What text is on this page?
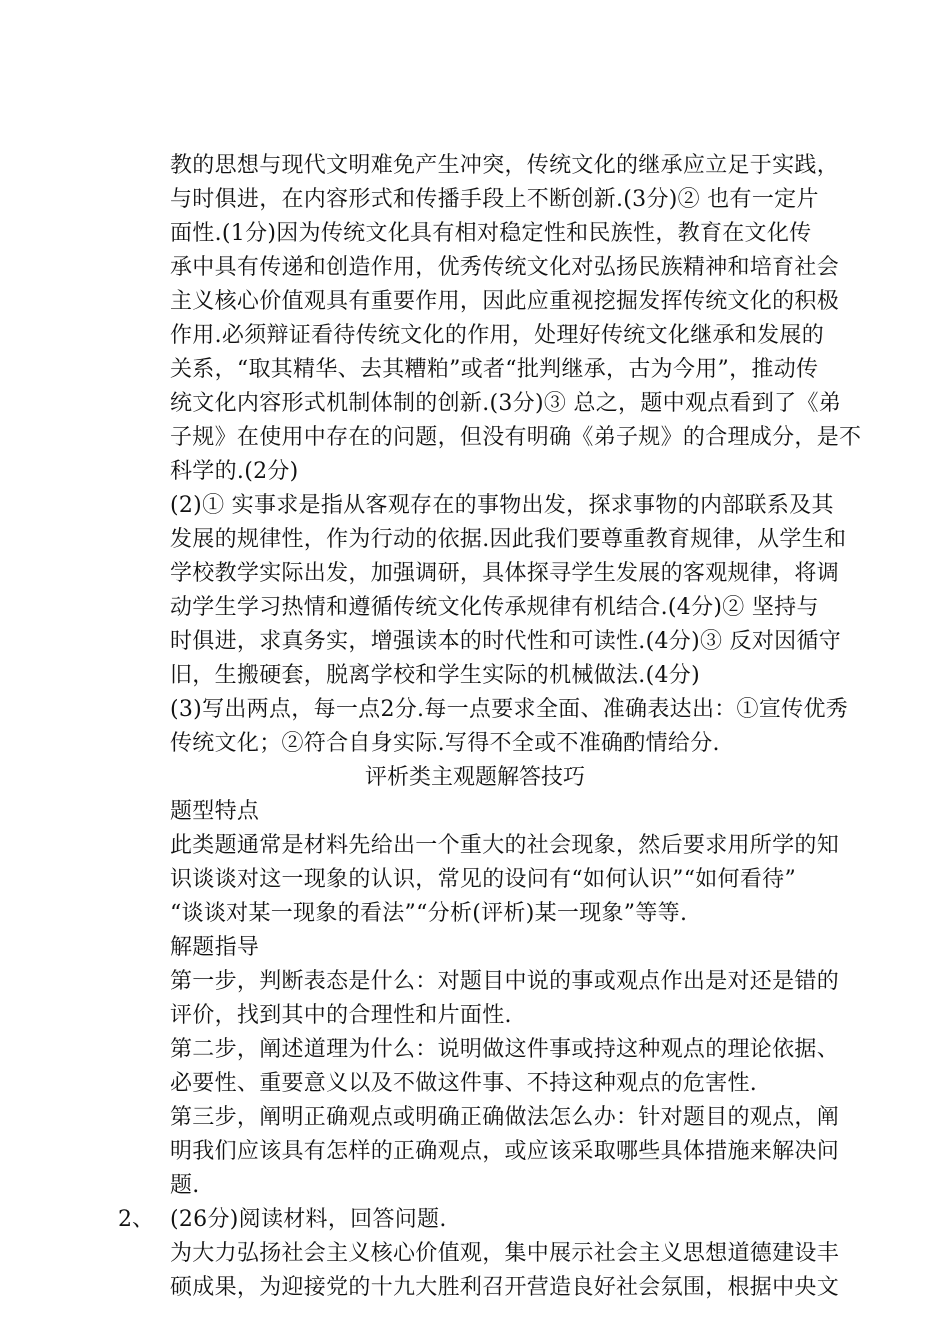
教的思想与现代文明难免产生冲突，传统文化的继承应立足于实践，
与时俱进，在内容形式和传播手段上不断创新.(3分)② 也有一定片
面性.(1分)因为传统文化具有相对稳定性和民族性，教育在文化传
承中具有传递和创造作用，优秀传统文化对弘扬民族精神和培育社会
主义核心价值观具有重要作用，因此应重视挖掘发挥传统文化的积极
作用.必须辩证看待传统文化的作用，处理好传统文化继承和发展的
关系，“取其精华、去其糟粕”或者“批判继承，古为今用”，推动传
统文化内容形式机制体制的创新.(3分)③ 总之，题中观点看到了《弟
子规》在使用中存在的问题，但没有明确《弟子规》的合理成分，是不
科学的.(2分)
(2)① 实事求是指从客观存在的事物出发，探求事物的内部联系及其
发展的规律性，作为行动的依据.因此我们要尊重教育规律，从学生和
学校教学实际出发，加强调研，具体探寻学生发展的客观规律，将调
动学生学习热情和遵循传统文化传承规律有机结合.(4分)② 坚持与
时俱进，求真务实，增强读本的时代性和可读性.(4分)③ 反对因循守
旧，生搬硬套，脱离学校和学生实际的机械做法.(4分)
(3)写出两点，每一点2分.每一点要求全面、准确表达出：①宣传优秀
传统文化；②符合自身实际.写得不全或不准确酌情给分.
评析类主观题解答技巧
题型特点
此类题通常是材料先给出一个重大的社会现象，然后要求用所学的知
识谈谈对这一现象的认识，常见的设问有“如何认识”“如何看待”
“谈谈对某一现象的看法”“分析(评析)某一现象”等等.
解题指导
第一步，判断表态是什么：对题目中说的事或观点作出是对还是错的
评价，找到其中的合理性和片面性.
第二步，阐述道理为什么：说明做这件事或持这种观点的理论依据、
必要性、重要意义以及不做这件事、不持这种观点的危害性.
第三步，阐明正确观点或明确正确做法怎么办：针对题目的观点，阐
明我们应该具有怎样的正确观点，或应该采取哪些具体措施来解决问
题.
2、 (26分)阅读材料，回答问题.
为大力弘扬社会主义核心价值观，集中展示社会主义思想道德建设丰
硕成果，为迎接党的十九大胜利召开营造良好社会氛围，根据中央文
